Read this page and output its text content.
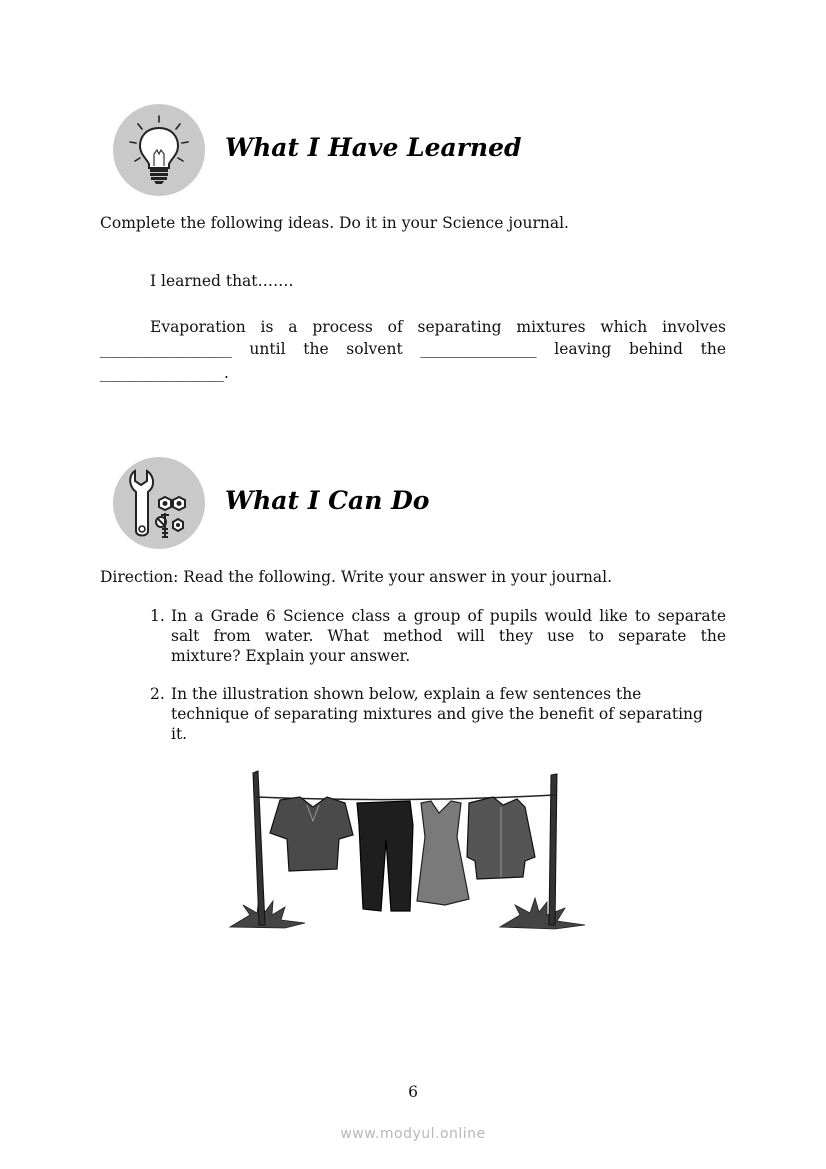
What I Have Learned
Complete the following ideas. Do it in your Science journal.
I learned that…….
Evaporation is a process of separating mixtures which involves
_________________ until the solvent _______________ leaving behind the
________________.
What I Can Do
Direction: Read the following. Write your answer in your journal.
1. In a Grade 6 Science class a group of pupils would like to separate
salt from water. What method will they use to separate the
mixture? Explain your answer.
2. In the illustration shown below, explain a few sentences the
technique of separating mixtures and give the benefit of separating
it.
6
www.modyul.online
